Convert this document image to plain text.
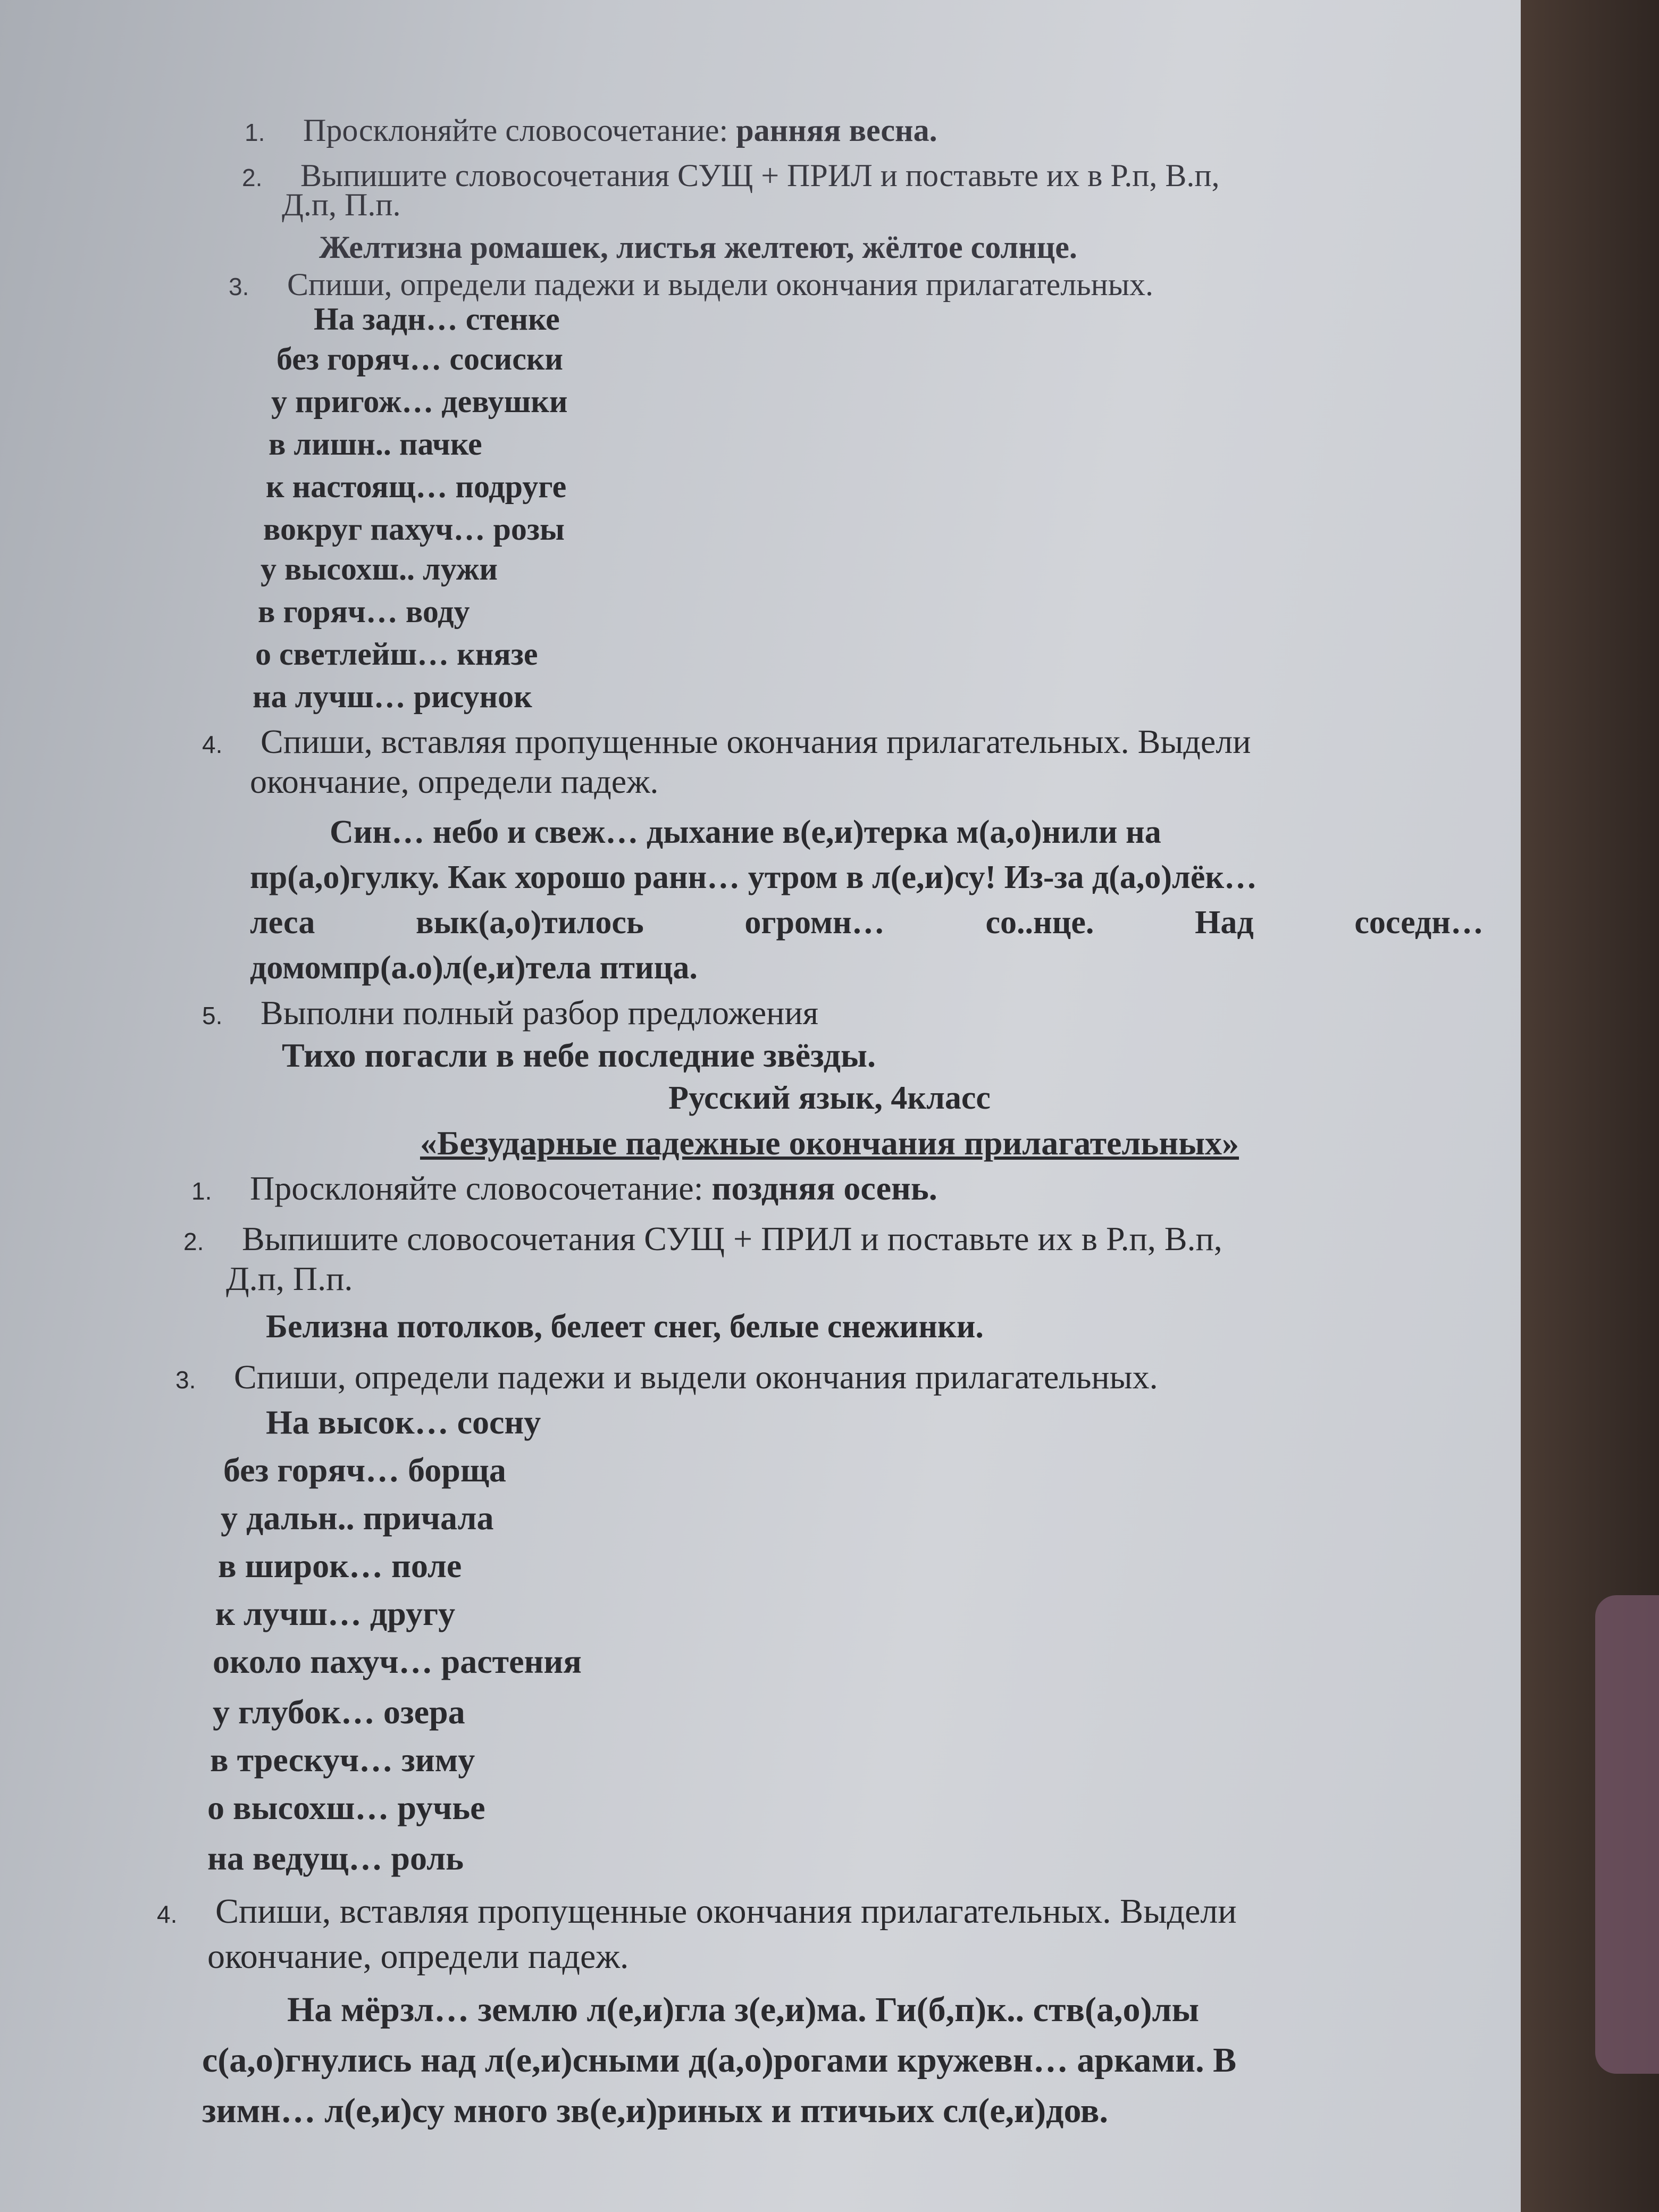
1. Просклоняйте словосочетание: ранняя весна.
2. Выпишите словосочетания СУЩ + ПРИЛ и поставьте их в Р.п, В.п,
Д.п, П.п.
Желтизна ромашек, листья желтеют, жёлтое солнце.
3. Спиши, определи падежи и выдели окончания прилагательных.
На задн… стенке
без горяч… сосиски
у пригож… девушки
в лишн.. пачке
к настоящ… подруге
вокруг пахуч… розы
у высохш.. лужи
в горяч… воду
о светлейш… князе
на лучш… рисунок
4. Спиши, вставляя пропущенные окончания прилагательных. Выдели
окончание, определи падеж.
Син… небо и свеж… дыхание в(е,и)терка м(а,о)нили на
пр(а,о)гулку. Как хорошо ранн… утром в л(е,и)су! Из-за д(а,о)лёк…
леса	вык(а,о)тилось	огромн…	со..нце.	Над	соседн…
домомпр(а.о)л(е,и)тела птица.
5. Выполни полный разбор предложения
Тихо погасли в небе последние звёзды.
Русский язык, 4класс
«Безударные падежные окончания прилагательных»
1. Просклоняйте словосочетание: поздняя осень.
2. Выпишите словосочетания СУЩ + ПРИЛ и поставьте их в Р.п, В.п,
Д.п, П.п.
Белизна потолков, белеет снег, белые снежинки.
3. Спиши, определи падежи и выдели окончания прилагательных.
На высок… сосну
без горяч… борща
у дальн.. причала
в широк… поле
к лучш… другу
около пахуч… растения
у глубок… озера
в трескуч… зиму
о высохш… ручье
на ведущ… роль
4. Спиши, вставляя пропущенные окончания прилагательных. Выдели
окончание, определи падеж.
На мёрзл… землю л(е,и)гла з(е,и)ма. Ги(б,п)к.. ств(а,о)лы
с(а,о)гнулись над л(е,и)сными д(а,о)рогами кружевн… арками. В
зимн… л(е,и)су много зв(е,и)риных и птичьих сл(е,и)дов.
